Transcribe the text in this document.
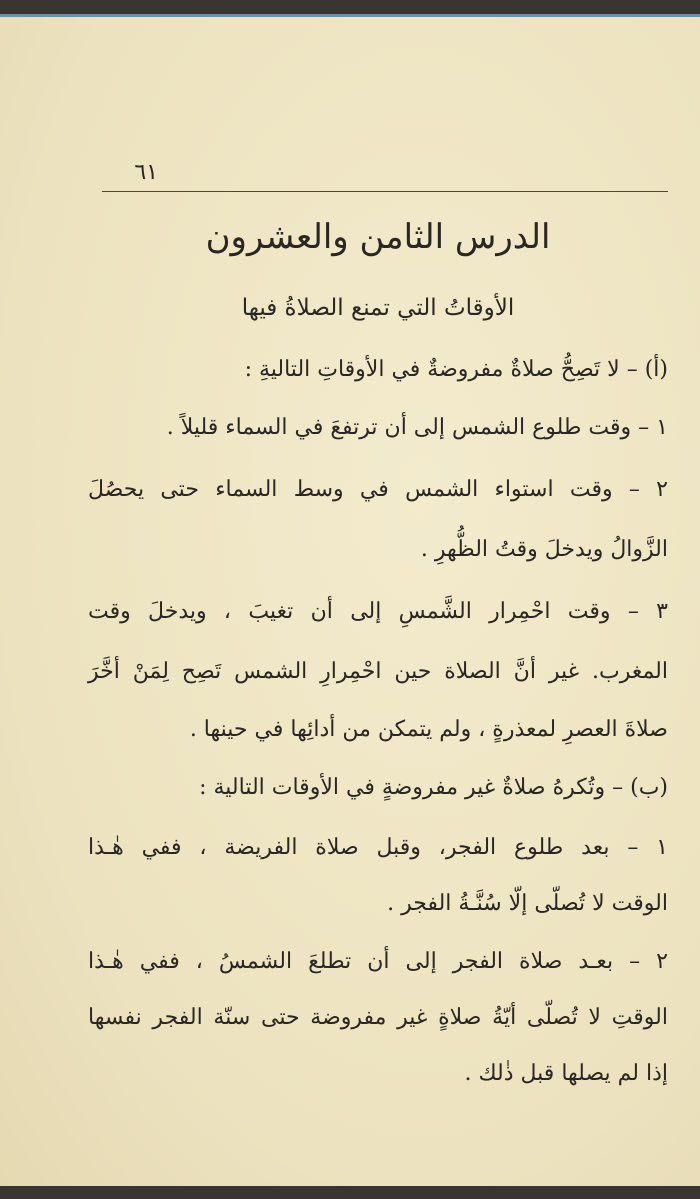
٦١
الدرس الثامن والعشرون
الأوقاتُ التي تمنع الصلاةُ فيها
(أ) – لا تَصِحُّ صلاةٌ مفروضةٌ في الأوقاتِ التاليةِ :
١ – وقت طلوع الشمس إلى أن ترتفعَ في السماء قليلاً .
٢ – وقت استواء الشمس في وسط السماء حتى يحصُلَ
الزَّوالُ ويدخلَ وقتُ الظُّهرِ .
٣ – وقت احْمِرار الشَّمسِ إلى أن تغيبَ ، ويدخلَ وقت
المغرب. غير أنَّ الصلاة حين احْمِرارِ الشمس تَصِح لِمَنْ أخَّرَ
صلاةَ العصرِ لمعذرةٍ ، ولم يتمكن من أدائِها في حينها .
(ب) – وتُكرهُ صلاةٌ غير مفروضةٍ في الأوقات التالية :
١ – بعد طلوع الفجر، وقبل صلاة الفريضة ، ففي هٰـذا
الوقت لا تُصلّى إلّا سُنَّـةُ الفجر .
٢ – بعـد صلاة الفجر إلى أن تطلعَ الشمسُ ، ففي هٰـذا
الوقتِ لا تُصلّى أيّةُ صلاةٍ غير مفروضة حتى سنّة الفجر نفسها
إذا لم يصلها قبل ذٰلك .
